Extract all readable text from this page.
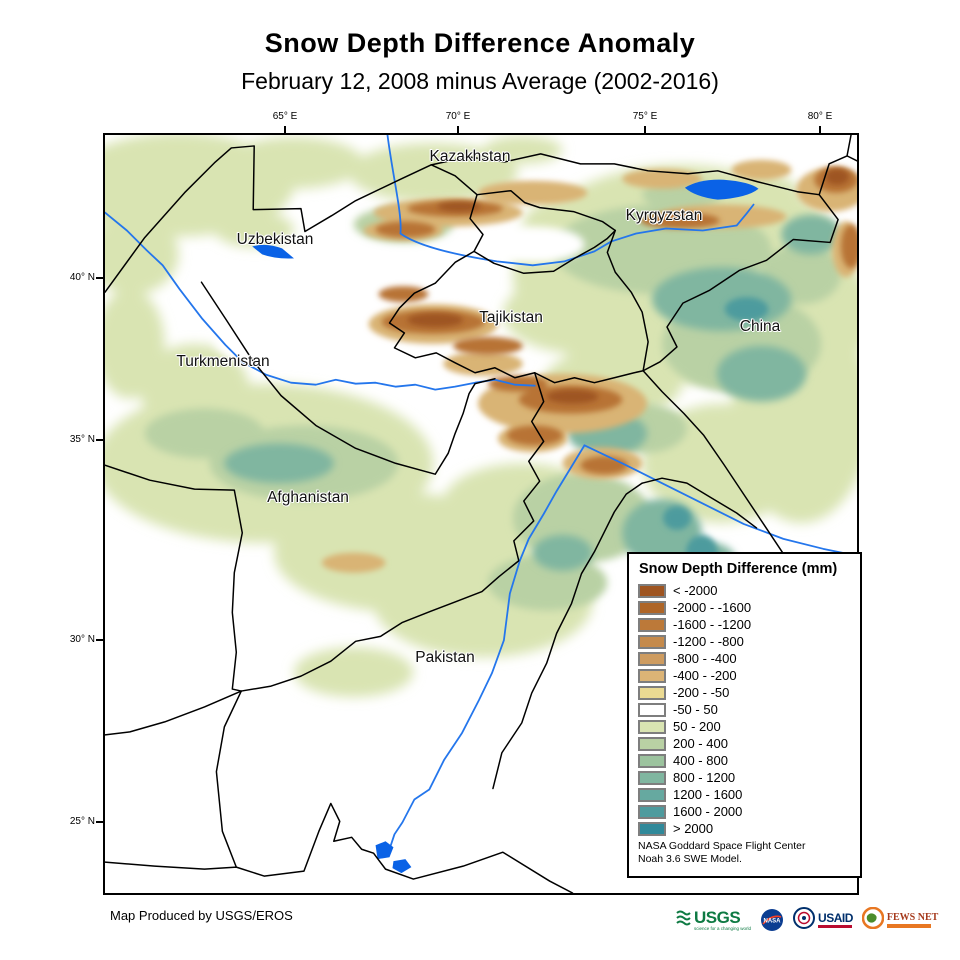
Snow Depth Difference Anomaly
February 12, 2008 minus Average (2002-2016)
Snow Depth Difference (mm)
< -2000
-2000 - -1600
-1600 - -1200
-1200 - -800
-800 - -400
-400 - -200
-200 - -50
-50 - 50
50 - 200
200 - 400
400 - 800
800 - 1200
1200 - 1600
1600 - 2000
> 2000
NASA Goddard Space Flight Center
Noah 3.6 SWE Model.
65° E	70° E	75° E	80° E
40° N
35° N
30° N
25° N
Kazakhstan
Uzbekistan
Kyrgyzstan
Tajikistan
China
Turkmenistan
Afghanistan
Pakistan
Map Produced by USGS/EROS	USGS
science for a changing world
NASA	USAID	FEWS NET
